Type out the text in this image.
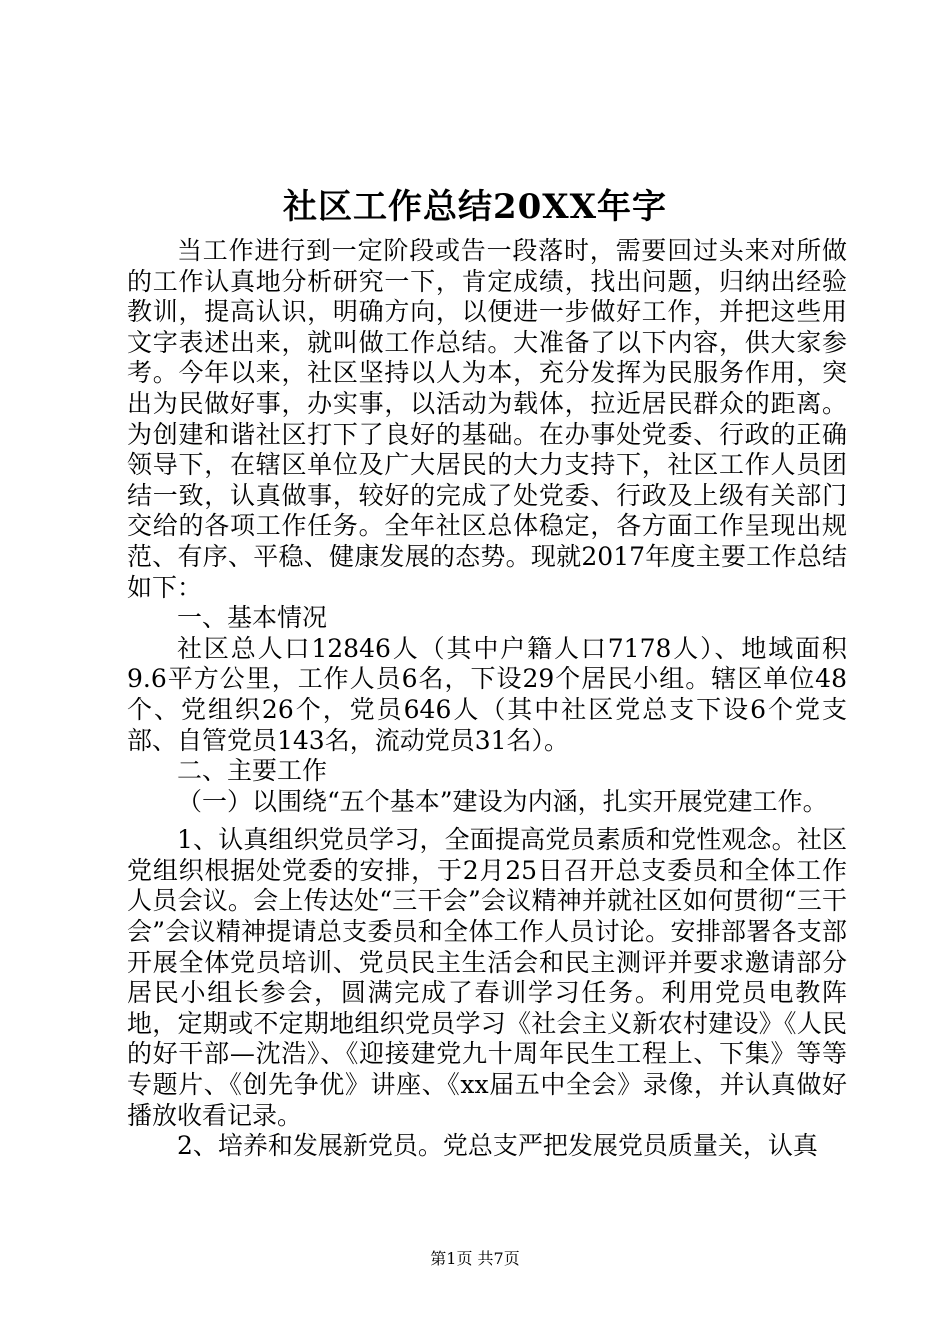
社区工作总结20XX年字

当工作进行到一定阶段或告一段落时，需要回过头来对所做的工作认真地分析研究一下，肯定成绩，找出问题，归纳出经验教训，提高认识，明确方向，以便进一步做好工作，并把这些用文字表述出来，就叫做工作总结。大准备了以下内容，供大家参考。今年以来，社区坚持以人为本，充分发挥为民服务作用，突出为民做好事，办实事，以活动为载体，拉近居民群众的距离。为创建和谐社区打下了良好的基础。在办事处党委、行政的正确领导下，在辖区单位及广大居民的大力支持下，社区工作人员团结一致，认真做事，较好的完成了处党委、行政及上级有关部门交给的各项工作任务。全年社区总体稳定，各方面工作呈现出规范、有序、平稳、健康发展的态势。现就2017年度主要工作总结如下：

一、基本情况

社区总人口12846人（其中户籍人口7178人）、地域面积9.6平方公里，工作人员6名，下设29个居民小组。辖区单位48个、党组织26个，党员646人（其中社区党总支下设6个党支部、自管党员143名，流动党员31名）。

二、主要工作

（一）以围绕“五个基本”建设为内涵，扎实开展党建工作。

1、认真组织党员学习，全面提高党员素质和党性观念。社区党组织根据处党委的安排，于2月25日召开总支委员和全体工作人员会议。会上传达处“三干会”会议精神并就社区如何贯彻“三干会”会议精神提请总支委员和全体工作人员讨论。安排部署各支部开展全体党员培训、党员民主生活会和民主测评并要求邀请部分居民小组长参会，圆满完成了春训学习任务。利用党员电教阵地，定期或不定期地组织党员学习《社会主义新农村建设》《人民的好干部—沈浩》、《迎接建党九十周年民生工程上、下集》等等专题片、《创先争优》讲座、《xx届五中全会》录像，并认真做好播放收看记录。

2、培养和发展新党员。党总支严把发展党员质量关，认真

第1页 共7页
